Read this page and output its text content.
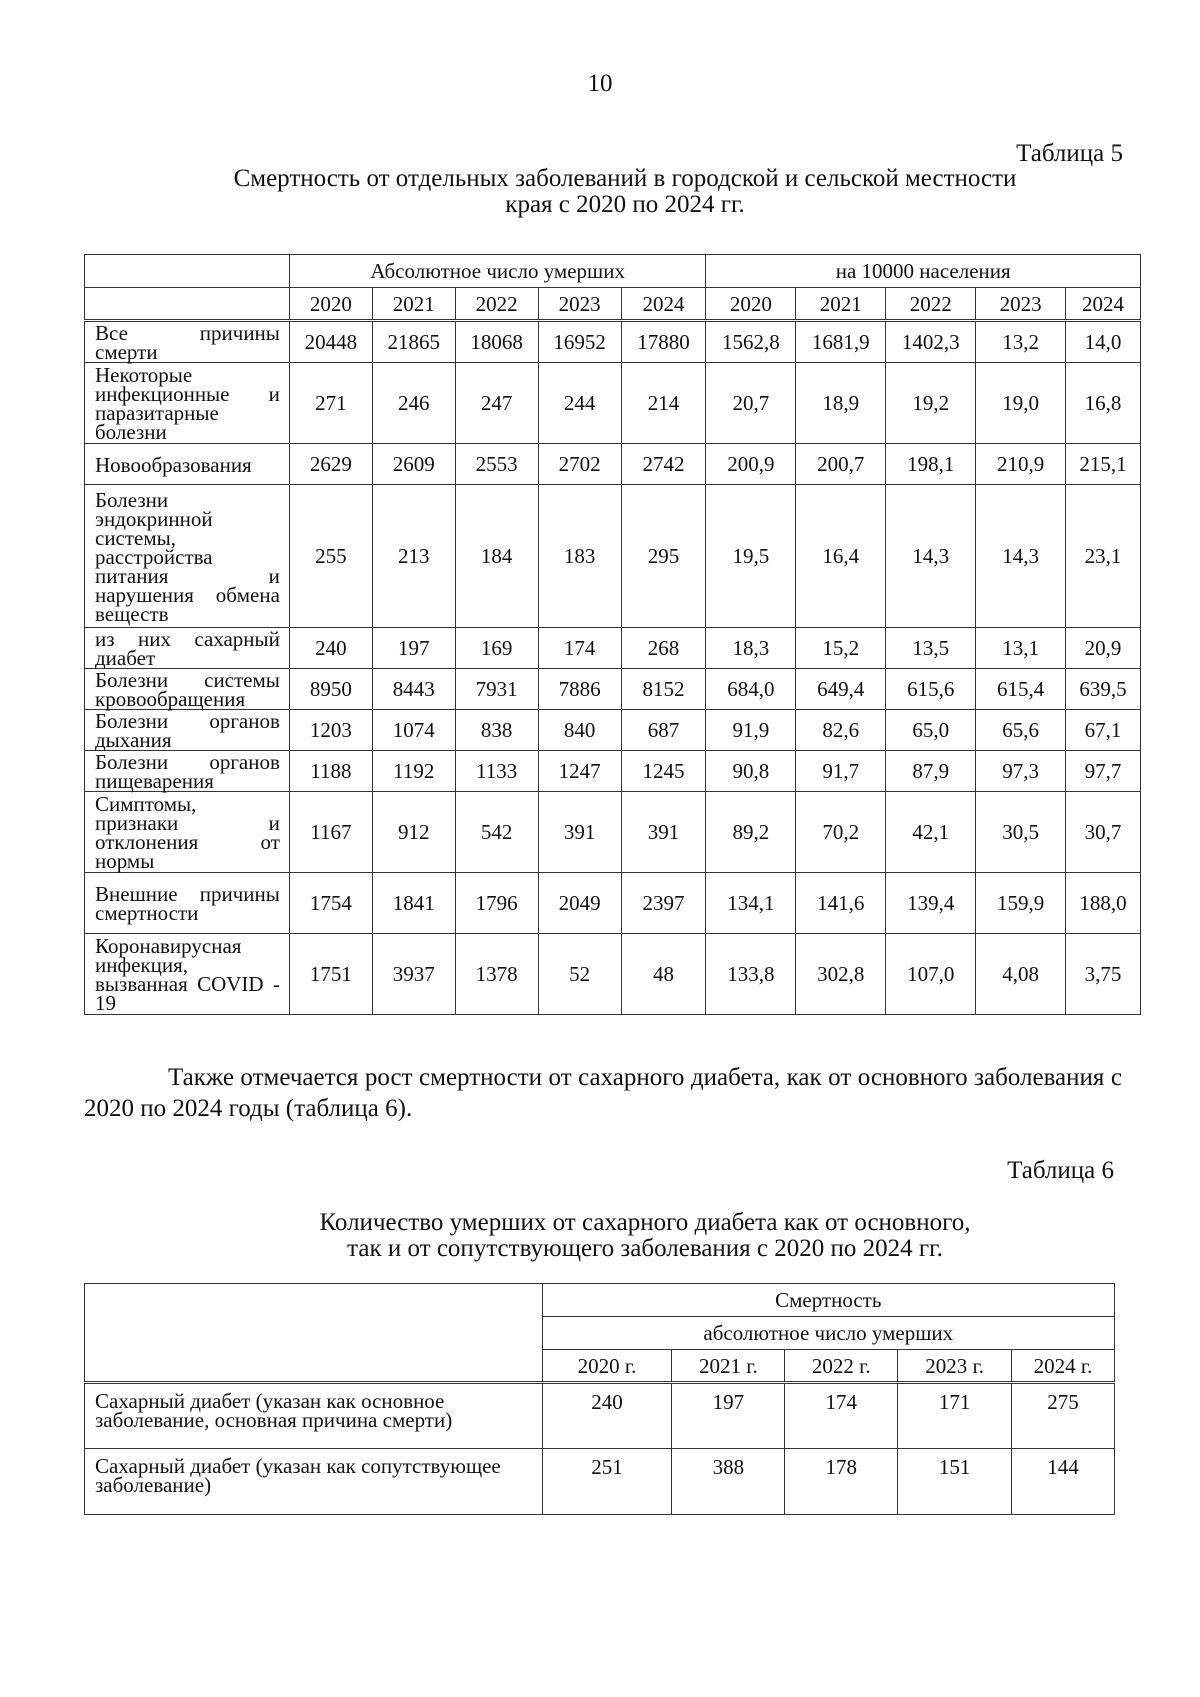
10
Таблица 5
Смертность от отдельных заболеваний в городской и сельской местности
края с 2020 по 2024 гг.
	Абсолютное число умерших					на 10000 населения				
	2020	2021	2022	2023	2024	2020	2021	2022	2023	2024
Все причины смерти	20448	21865	18068	16952	17880	1562,8	1681,9	1402,3	13,2	14,0
Некоторые инфекционные и паразитарные болезни	271	246	247	244	214	20,7	18,9	19,2	19,0	16,8
Новообразования	2629	2609	2553	2702	2742	200,9	200,7	198,1	210,9	215,1
Болезни эндокринной системы, расстройства питания и нарушения обмена веществ	255	213	184	183	295	19,5	16,4	14,3	14,3	23,1
из них сахарный диабет	240	197	169	174	268	18,3	15,2	13,5	13,1	20,9
Болезни системы кровообращения	8950	8443	7931	7886	8152	684,0	649,4	615,6	615,4	639,5
Болезни органов дыхания	1203	1074	838	840	687	91,9	82,6	65,0	65,6	67,1
Болезни органов пищеварения	1188	1192	1133	1247	1245	90,8	91,7	87,9	97,3	97,7
Симптомы, признаки и отклонения от нормы	1167	912	542	391	391	89,2	70,2	42,1	30,5	30,7
Внешние причины смертности	1754	1841	1796	2049	2397	134,1	141,6	139,4	159,9	188,0
Коронавирусная инфекция, вызванная COVID - 19	1751	3937	1378	52	48	133,8	302,8	107,0	4,08	3,75
Также отмечается рост смертности от сахарного диабета, как от основного заболевания с 2020 по 2024 годы (таблица 6).
Таблица 6
Количество умерших от сахарного диабета как от основного,
так и от сопутствующего заболевания с 2020 по 2024 гг.
	Смертность				
	абсолютное число умерших				
	2020 г.	2021 г.	2022 г.	2023 г.	2024 г.
Сахарный диабет (указан как основное заболевание, основная причина смерти)	240	197	174	171	275
Сахарный диабет (указан как сопутствующее заболевание)	251	388	178	151	144
